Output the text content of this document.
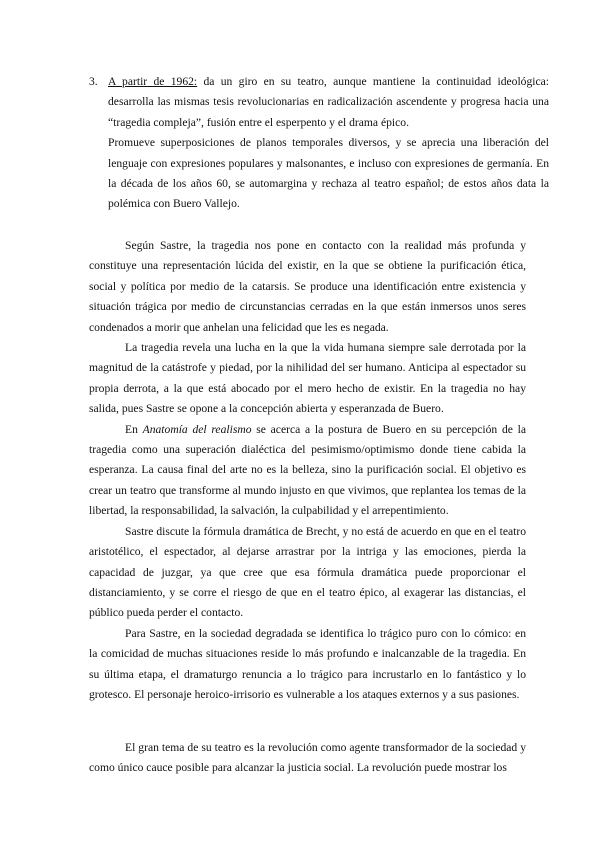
3. A partir de 1962: da un giro en su teatro, aunque mantiene la continuidad ideológica: desarrolla las mismas tesis revolucionarias en radicalización ascendente y progresa hacia una “tragedia compleja”, fusión entre el esperpento y el drama épico.

Promueve superposiciones de planos temporales diversos, y se aprecia una liberación del lenguaje con expresiones populares y malsonantes, e incluso con expresiones de germanía. En la década de los años 60, se automargina y rechaza al teatro español; de estos años data la polémica con Buero Vallejo.

Según Sastre, la tragedia nos pone en contacto con la realidad más profunda y constituye una representación lúcida del existir, en la que se obtiene la purificación ética, social y política por medio de la catarsis. Se produce una identificación entre existencia y situación trágica por medio de circunstancias cerradas en la que están inmersos unos seres condenados a morir que anhelan una felicidad que les es negada.

La tragedia revela una lucha en la que la vida humana siempre sale derrotada por la magnitud de la catástrofe y piedad, por la nihilidad del ser humano. Anticipa al espectador su propia derrota, a la que está abocado por el mero hecho de existir. En la tragedia no hay salida, pues Sastre se opone a la concepción abierta y esperanzada de Buero.

En Anatomía del realismo se acerca a la postura de Buero en su percepción de la tragedia como una superación dialéctica del pesimismo/optimismo donde tiene cabida la esperanza. La causa final del arte no es la belleza, sino la purificación social. El objetivo es crear un teatro que transforme al mundo injusto en que vivimos, que replantea los temas de la libertad, la responsabilidad, la salvación, la culpabilidad y el arrepentimiento.

Sastre discute la fórmula dramática de Brecht, y no está de acuerdo en que en el teatro aristotélico, el espectador, al dejarse arrastrar por la intriga y las emociones, pierda la capacidad de juzgar, ya que cree que esa fórmula dramática puede proporcionar el distanciamiento, y se corre el riesgo de que en el teatro épico, al exagerar las distancias, el público pueda perder el contacto.

Para Sastre, en la sociedad degradada se identifica lo trágico puro con lo cómico: en la comicidad de muchas situaciones reside lo más profundo e inalcanzable de la tragedia. En su última etapa, el dramaturgo renuncia a lo trágico para incrustarlo en lo fantástico y lo grotesco. El personaje heroico-irrisorio es vulnerable a los ataques externos y a sus pasiones.

El gran tema de su teatro es la revolución como agente transformador de la sociedad y como único cauce posible para alcanzar la justicia social. La revolución puede mostrar los
